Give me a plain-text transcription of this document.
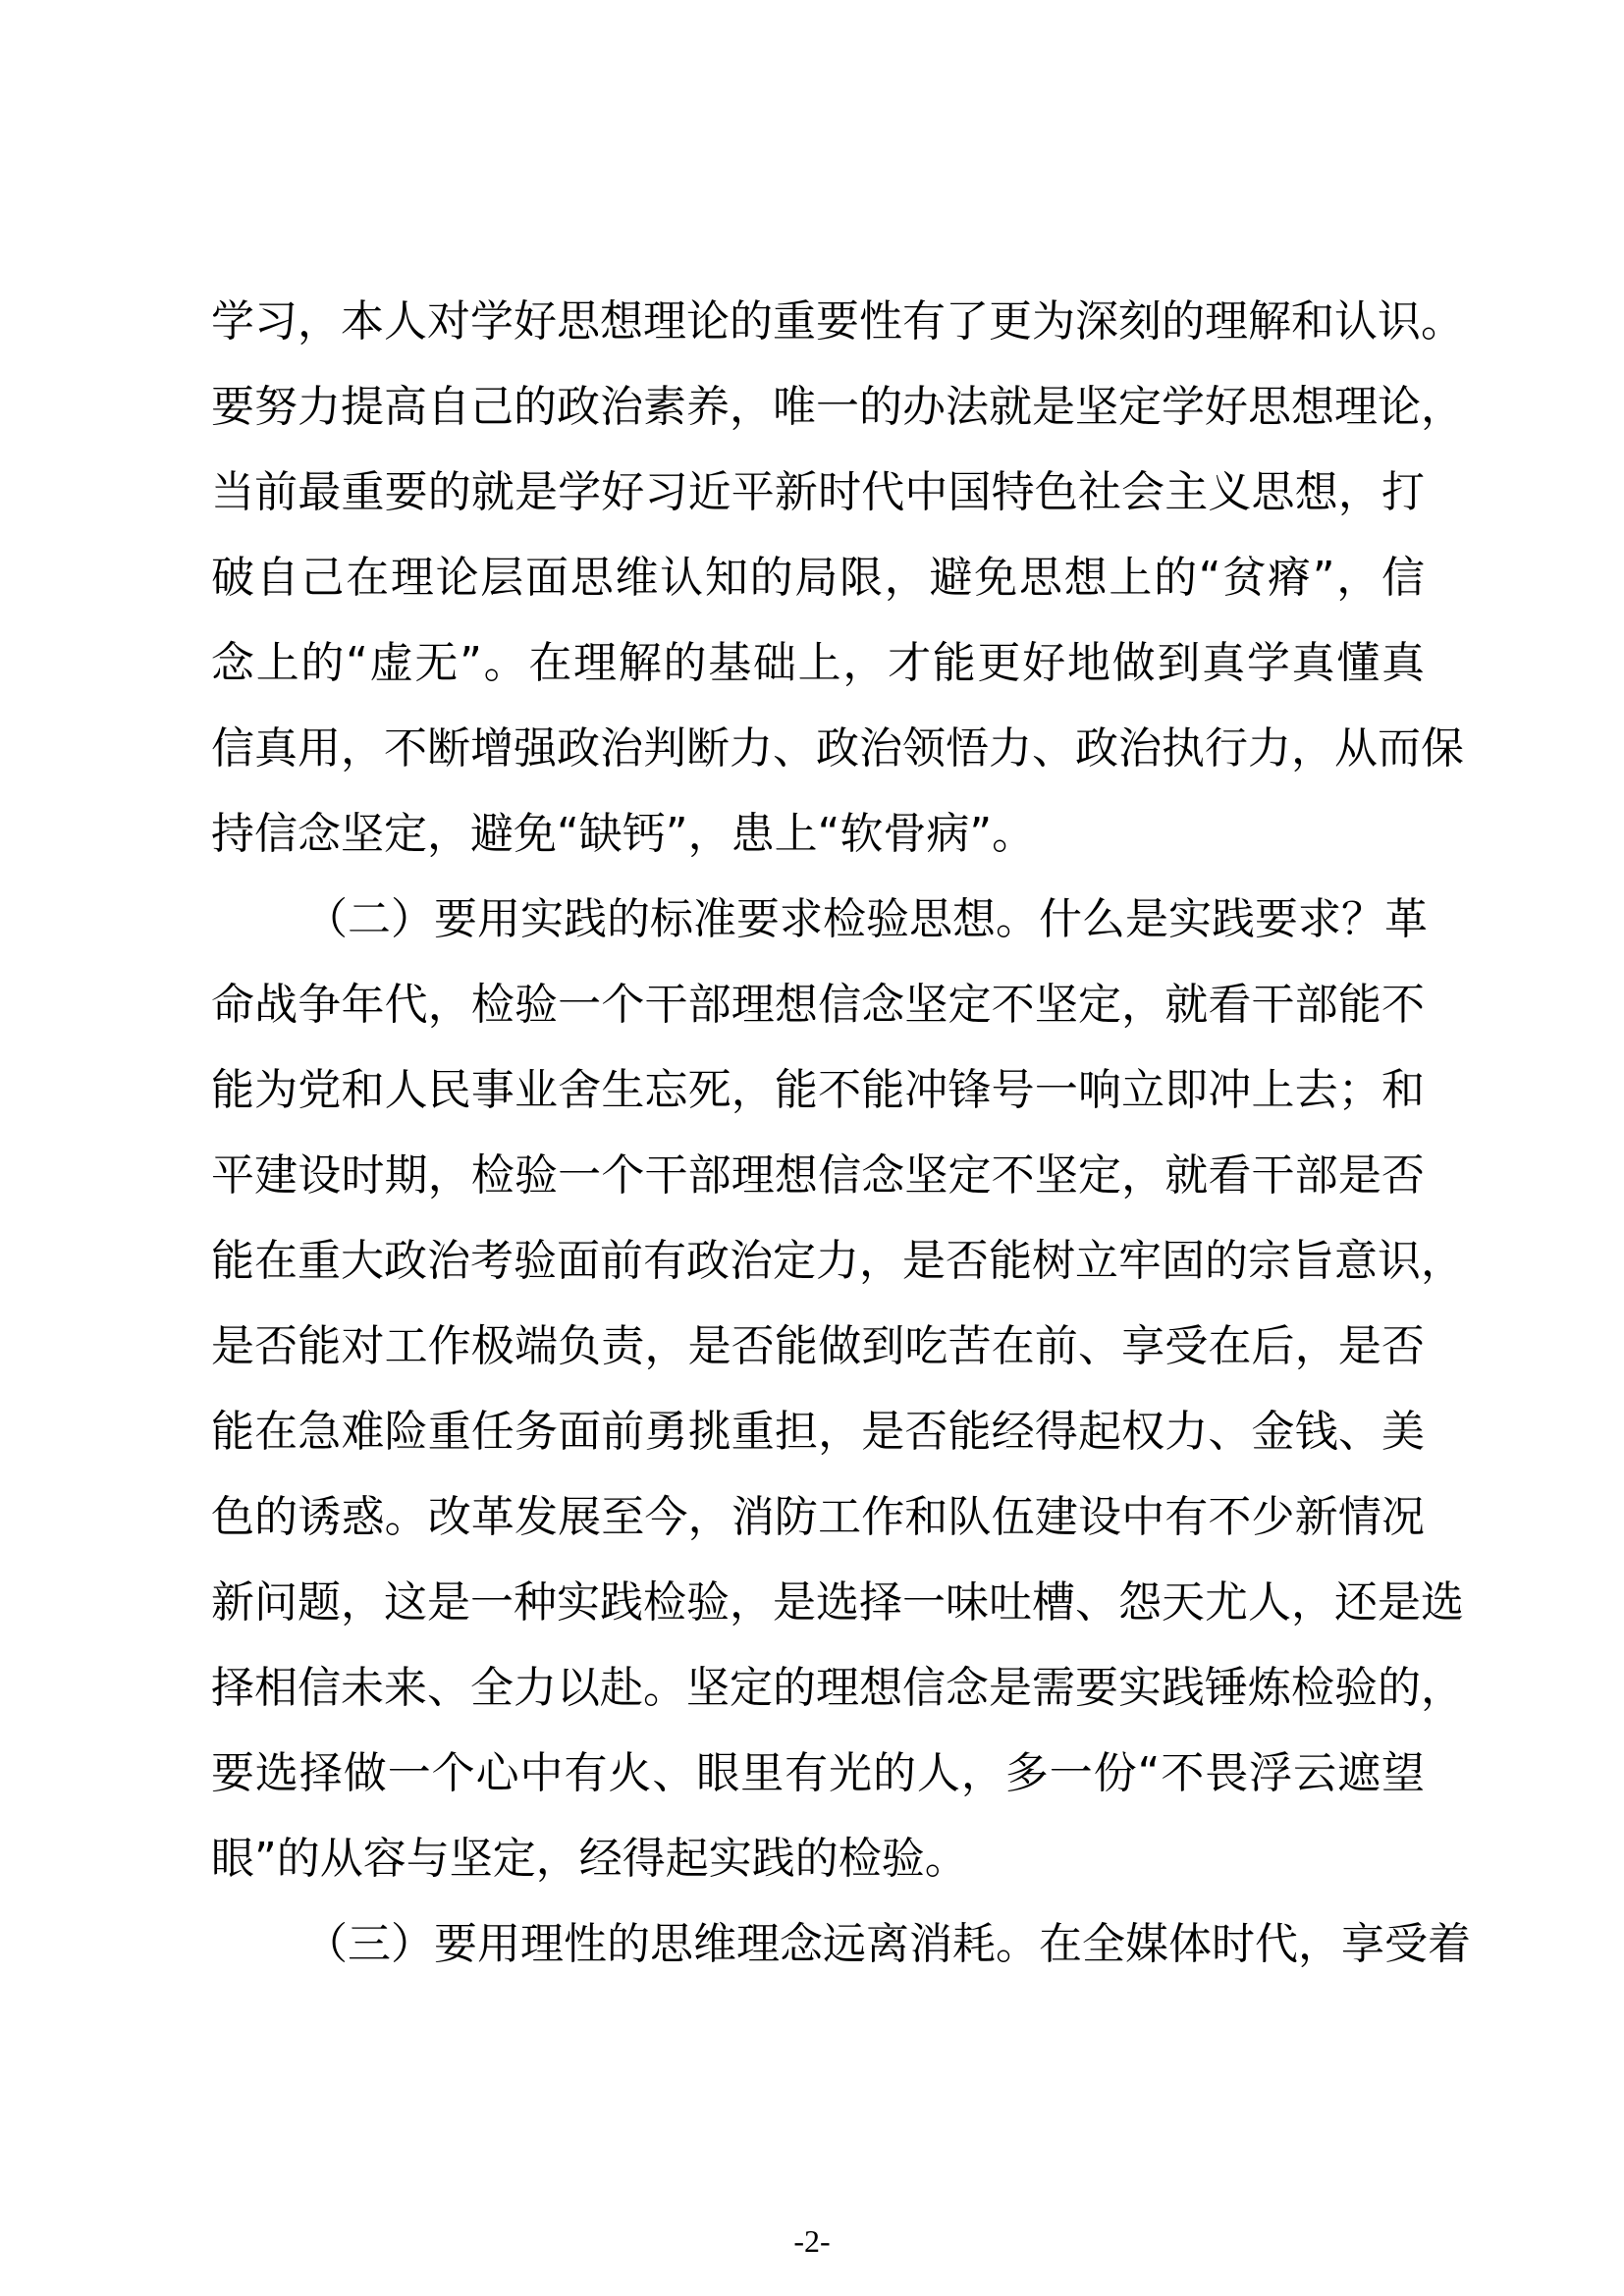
学习，本人对学好思想理论的重要性有了更为深刻的理解和认识。
要努力提高自己的政治素养，唯一的办法就是坚定学好思想理论，
当前最重要的就是学好习近平新时代中国特色社会主义思想，打
破自己在理论层面思维认知的局限，避免思想上的“贫瘠”，信
念上的“虚无”。在理解的基础上，才能更好地做到真学真懂真
信真用，不断增强政治判断力、政治领悟力、政治执行力，从而保
持信念坚定，避免“缺钙”，患上“软骨病”。
（二）要用实践的标准要求检验思想。什么是实践要求？革
命战争年代，检验一个干部理想信念坚定不坚定，就看干部能不
能为党和人民事业舍生忘死，能不能冲锋号一响立即冲上去；和
平建设时期，检验一个干部理想信念坚定不坚定，就看干部是否
能在重大政治考验面前有政治定力，是否能树立牢固的宗旨意识，
是否能对工作极端负责，是否能做到吃苦在前、享受在后，是否
能在急难险重任务面前勇挑重担，是否能经得起权力、金钱、美
色的诱惑。改革发展至今，消防工作和队伍建设中有不少新情况
新问题，这是一种实践检验，是选择一味吐槽、怨天尤人，还是选
择相信未来、全力以赴。坚定的理想信念是需要实践锤炼检验的，
要选择做一个心中有火、眼里有光的人，多一份“不畏浮云遮望
眼”的从容与坚定，经得起实践的检验。
（三）要用理性的思维理念远离消耗。在全媒体时代，享受着
-2-
